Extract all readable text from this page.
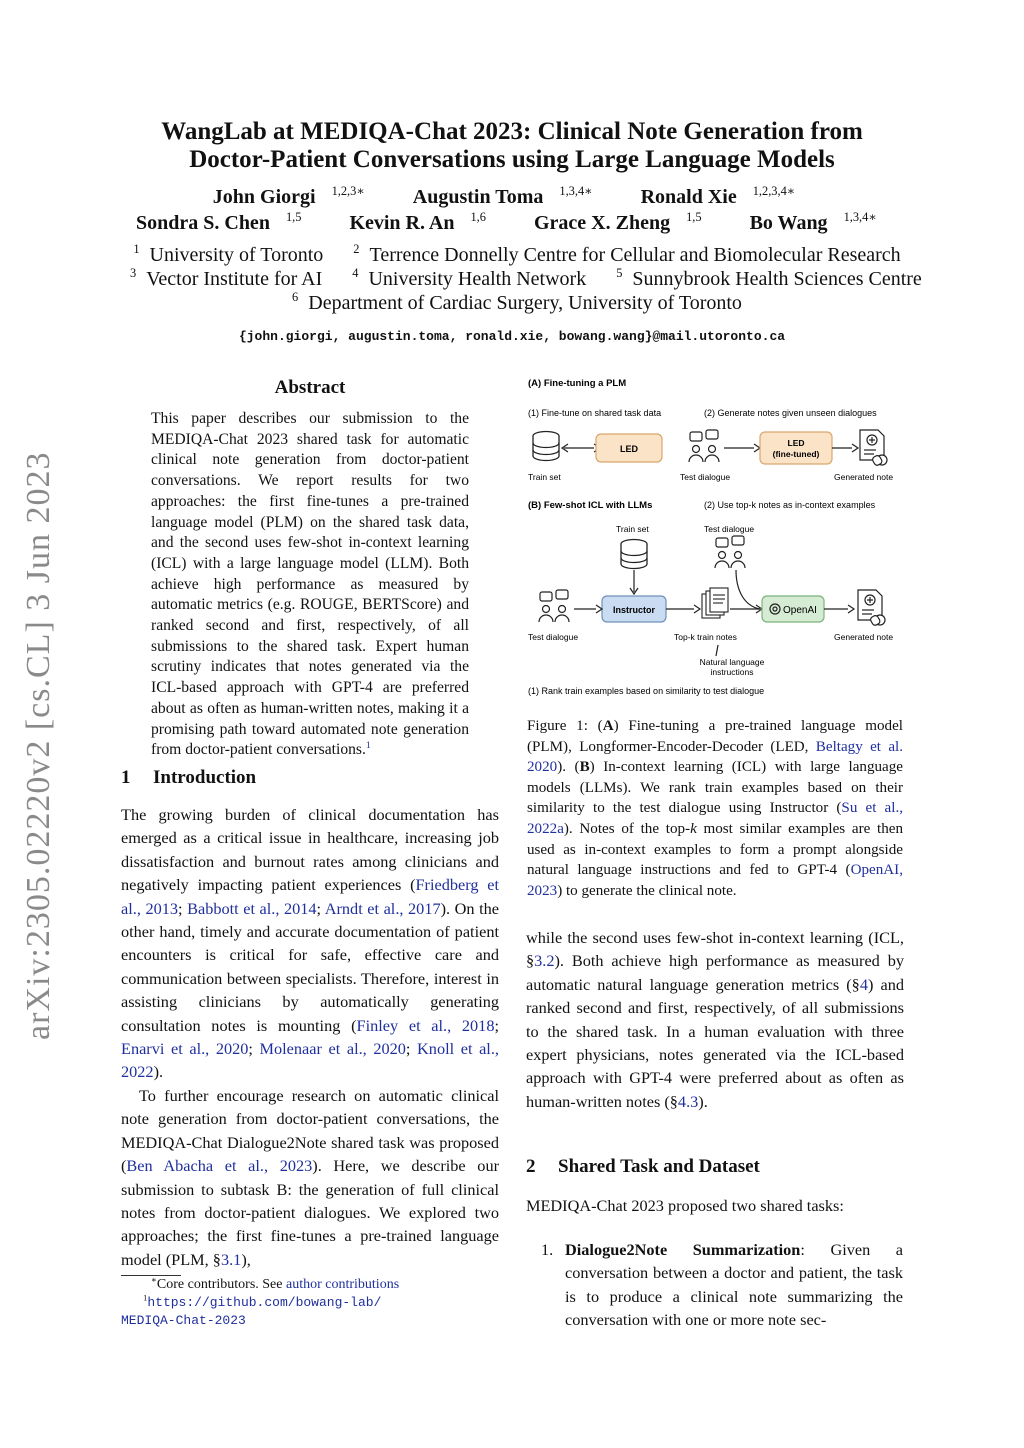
arXiv:2305.02220v2 [cs.CL] 3 Jun 2023
WangLab at MEDIQA-Chat 2023: Clinical Note Generation from Doctor-Patient Conversations using Large Language Models
John Giorgi $^{1,2,3∗}$ Augustin Toma $^{1,3,4∗}$ Ronald Xie $^{1,2,3,4∗}$
Sondra S. Chen $^{1,5}$ Kevin R. An $^{1,6}$ Grace X. Zheng $^{1,5}$ Bo Wang $^{1,3,4∗}$
$^1$ University of Toronto $^2$ Terrence Donnelly Centre for Cellular and Biomolecular Research
$^3$ Vector Institute for AI $^4$ University Health Network $^5$ Sunnybrook Health Sciences Centre
$^6$ Department of Cardiac Surgery, University of Toronto
{john.giorgi, augustin.toma, ronald.xie, bowang.wang}@mail.utoronto.ca
Abstract
This paper describes our submission to the MEDIQA-Chat 2023 shared task for automatic clinical note generation from doctor-patient conversations. We report results for two approaches: the first fine-tunes a pre-trained language model (PLM) on the shared task data, and the second uses few-shot in-context learning (ICL) with a large language model (LLM). Both achieve high performance as measured by automatic metrics (e.g. ROUGE, BERTScore) and ranked second and first, respectively, of all submissions to the shared task. Expert human scrutiny indicates that notes generated via the ICL-based approach with GPT-4 are preferred about as often as human-written notes, making it a promising path toward automated note generation from doctor-patient conversations.$^1$
1 Introduction

The growing burden of clinical documentation has emerged as a critical issue in healthcare, increasing job dissatisfaction and burnout rates among clinicians and negatively impacting patient experiences (Friedberg et al., 2013; Babbott et al., 2014; Arndt et al., 2017). On the other hand, timely and accurate documentation of patient encounters is critical for safe, effective care and communication between specialists. Therefore, interest in assisting clinicians by automatically generating consultation notes is mounting (Finley et al., 2018; Enarvi et al., 2020; Molenaar et al., 2020; Knoll et al., 2022).

To further encourage research on automatic clinical note generation from doctor-patient conversations, the MEDIQA-Chat Dialogue2Note shared task was proposed (Ben Abacha et al., 2023). Here, we describe our submission to subtask B: the generation of full clinical notes from doctor-patient dialogues. We explored two approaches; the first fine-tunes a pre-trained language model (PLM, §3.1),

∗Core contributors. See author contributions
$^1$https://github.com/bowang-lab/
MEDIQA-Chat-2023
(A) Fine-tuning a PLM
(1) Fine-tune on shared task data	(2) Generate notes given unseen dialogues
Train set
LED
Test dialogue
LED
(fine-tuned)
Generated note
(B) Few-shot ICL with LLMs	(2) Use top-k notes as in-context examples
Train set
Instructor
Test dialogue	Top-k train notes
Test dialogue
OpenAI
Generated note
Natural language
instructions
(1) Rank train examples based on similarity to test dialogue
Figure 1: (A) Fine-tuning a pre-trained language model (PLM), Longformer-Encoder-Decoder (LED, Beltagy et al. 2020). (B) In-context learning (ICL) with large language models (LLMs). We rank train examples based on their similarity to the test dialogue using Instructor (Su et al., 2022a). Notes of the top-k most similar examples are then used as in-context examples to form a prompt alongside natural language instructions and fed to GPT-4 (OpenAI, 2023) to generate the clinical note.

while the second uses few-shot in-context learning (ICL, §3.2). Both achieve high performance as measured by automatic natural language generation metrics (§4) and ranked second and first, respectively, of all submissions to the shared task. In a human evaluation with three expert physicians, notes generated via the ICL-based approach with GPT-4 were preferred about as often as human-written notes (§4.3).

2 Shared Task and Dataset

MEDIQA-Chat 2023 proposed two shared tasks:

1. Dialogue2Note Summarization: Given a conversation between a doctor and patient, the task is to produce a clinical note summarizing the conversation with one or more note sec-
